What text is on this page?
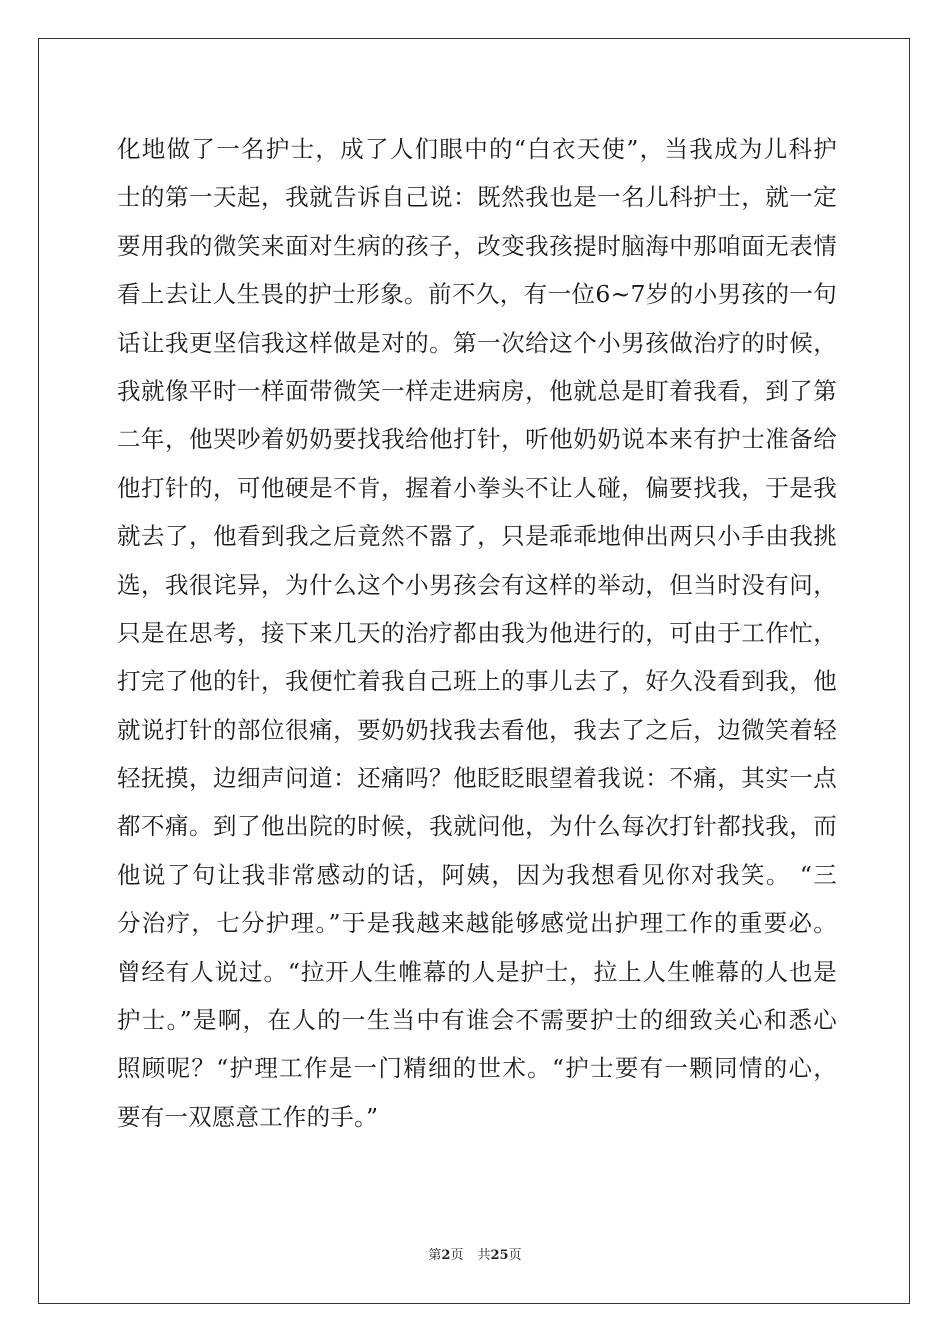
化地做了一名护士，成了人们眼中的“白衣天使”，当我成为儿科护
士的第一天起，我就告诉自己说：既然我也是一名儿科护士，就一定
要用我的微笑来面对生病的孩子，改变我孩提时脑海中那咱面无表情
看上去让人生畏的护士形象。前不久，有一位6~7岁的小男孩的一句
话让我更坚信我这样做是对的。第一次给这个小男孩做治疗的时候，
我就像平时一样面带微笑一样走进病房，他就总是盯着我看，到了第
二年，他哭吵着奶奶要找我给他打针，听他奶奶说本来有护士准备给
他打针的，可他硬是不肯，握着小拳头不让人碰，偏要找我，于是我
就去了，他看到我之后竟然不嚣了，只是乖乖地伸出两只小手由我挑
选，我很诧异，为什么这个小男孩会有这样的举动，但当时没有问，
只是在思考，接下来几天的治疗都由我为他进行的，可由于工作忙，
打完了他的针，我便忙着我自己班上的事儿去了，好久没看到我，他
就说打针的部位很痛，要奶奶找我去看他，我去了之后，边微笑着轻
轻抚摸，边细声问道：还痛吗？他眨眨眼望着我说：不痛，其实一点
都不痛。到了他出院的时候，我就问他，为什么每次打针都找我，而
他说了句让我非常感动的话，阿姨，因为我想看见你对我笑。 “三
分治疗，七分护理。”于是我越来越能够感觉出护理工作的重要必。
曾经有人说过。“拉开人生帷幕的人是护士，拉上人生帷幕的人也是
护士。”是啊，在人的一生当中有谁会不需要护士的细致关心和悉心
照顾呢？“护理工作是一门精细的世术。“护士要有一颗同情的心，
要有一双愿意工作的手。”
第2页 共25页
